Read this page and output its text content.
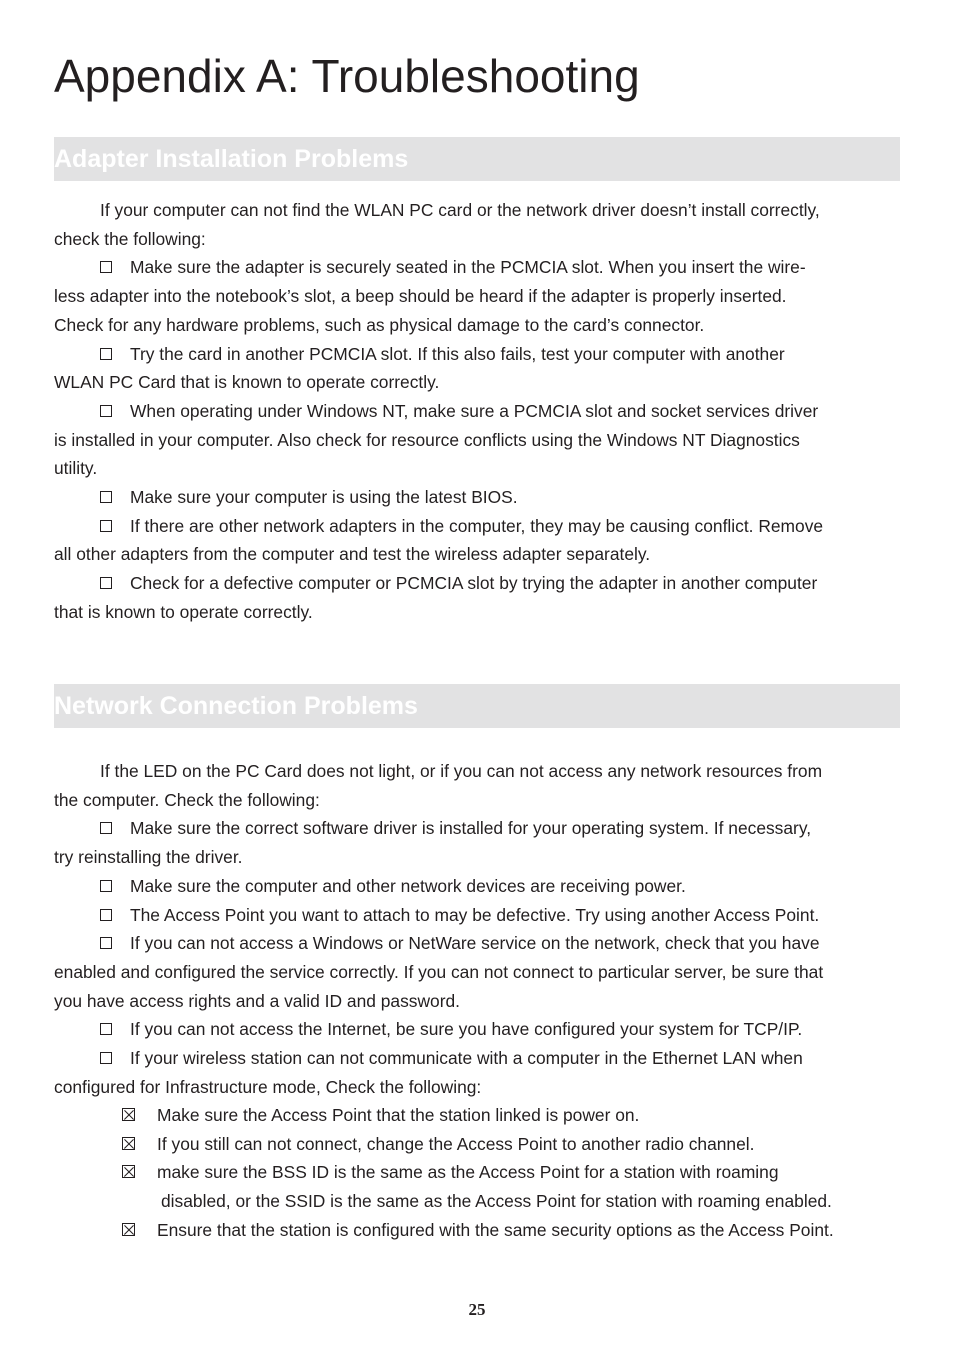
Appendix A: Troubleshooting
Adapter Installation Problems

If your computer can not find the WLAN PC card or the network driver doesn’t install correctly,
check the following:

Make sure the adapter is securely seated in the PCMCIA slot. When you insert the wire-
less adapter into the notebook’s slot, a beep should be heard if the adapter is properly inserted.
Check for any hardware problems, such as physical damage to the card’s connector.

Try the card in another PCMCIA slot. If this also fails, test your computer with another
WLAN PC Card that is known to operate correctly.

When operating under Windows NT, make sure a PCMCIA slot and socket services driver
is installed in your computer. Also check for resource conflicts using the Windows NT Diagnostics
utility.

Make sure your computer is using the latest BIOS.

If there are other network adapters in the computer, they may be causing conflict. Remove
all other adapters from the computer and test the wireless adapter separately.

Check for a defective computer or PCMCIA slot by trying the adapter in another computer
that is known to operate correctly.

Network Connection Problems

If the LED on the PC Card does not light, or if you can not access any network resources from
the computer. Check the following:

Make sure the correct software driver is installed for your operating system. If necessary,
try reinstalling the driver.

Make sure the computer and other network devices are receiving power.

The Access Point you want to attach to may be defective. Try using another Access Point.

If you can not access a Windows or NetWare service on the network, check that you have
enabled and configured the service correctly. If you can not connect to particular server, be sure that
you have access rights and a valid ID and password.

If you can not access the Internet, be sure you have configured your system for TCP/IP.

If your wireless station can not communicate with a computer in the Ethernet LAN when
configured for Infrastructure mode, Check the following:

Make sure the Access Point that the station linked is power on.
If you still can not connect, change the Access Point to another radio channel.
make sure the BSS ID is the same as the Access Point for a station with roaming
disabled, or the SSID is the same as the Access Point for station with roaming enabled.
Ensure that the station is configured with the same security options as the Access Point.
25
